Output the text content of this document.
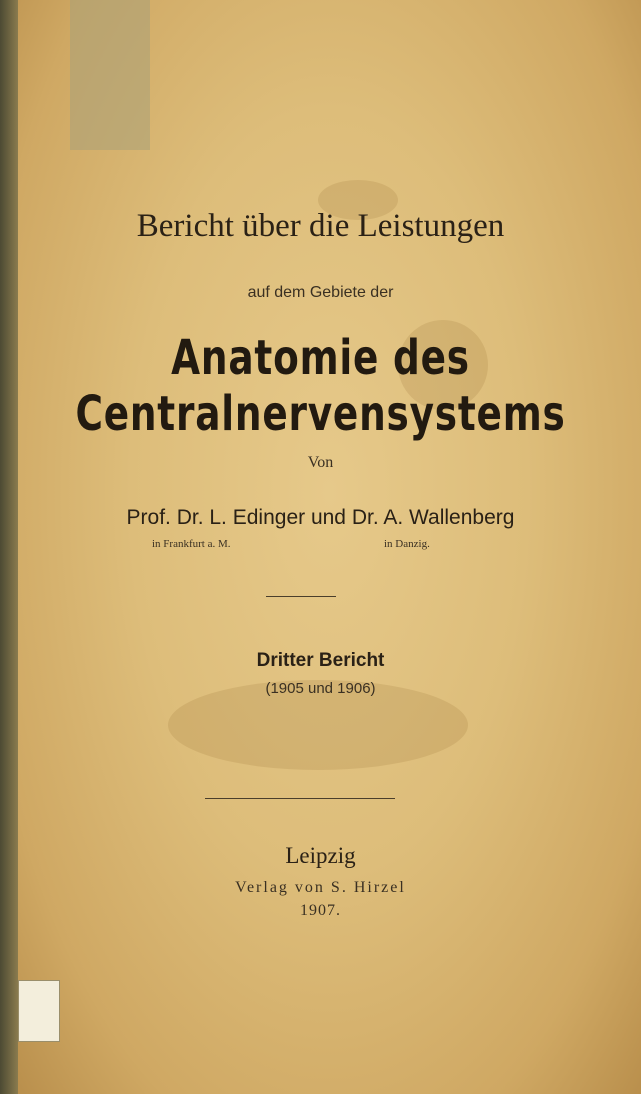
Bericht über die Leistungen
auf dem Gebiete der
Anatomie des Centralnervensystems
Von
Prof. Dr. L. Edinger und Dr. A. Wallenberg
in Frankfurt a. M.	in Danzig.
Dritter Bericht
(1905 und 1906)
Leipzig
Verlag von S. Hirzel
1907.
